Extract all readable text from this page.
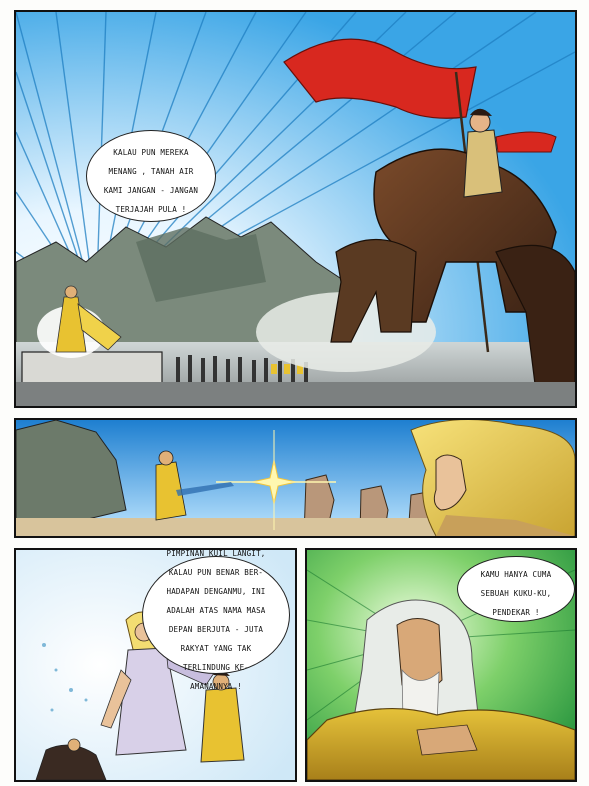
KALAU PUN MEREKA

MENANG , TANAH AIR

KAMI JANGAN - JANGAN

TERJAJAH PULA !

PIMPINAN KUIL LANGIT,

KALAU PUN BENAR BER-

HADAPAN DENGANMU, INI

ADALAH ATAS NAMA MASA

DEPAN BERJUTA - JUTA

RAKYAT YANG TAK

TERLINDUNG KE-

AMANANNYA !

KAMU HANYA CUMA

SEBUAH KUKU-KU,

PENDEKAR !
